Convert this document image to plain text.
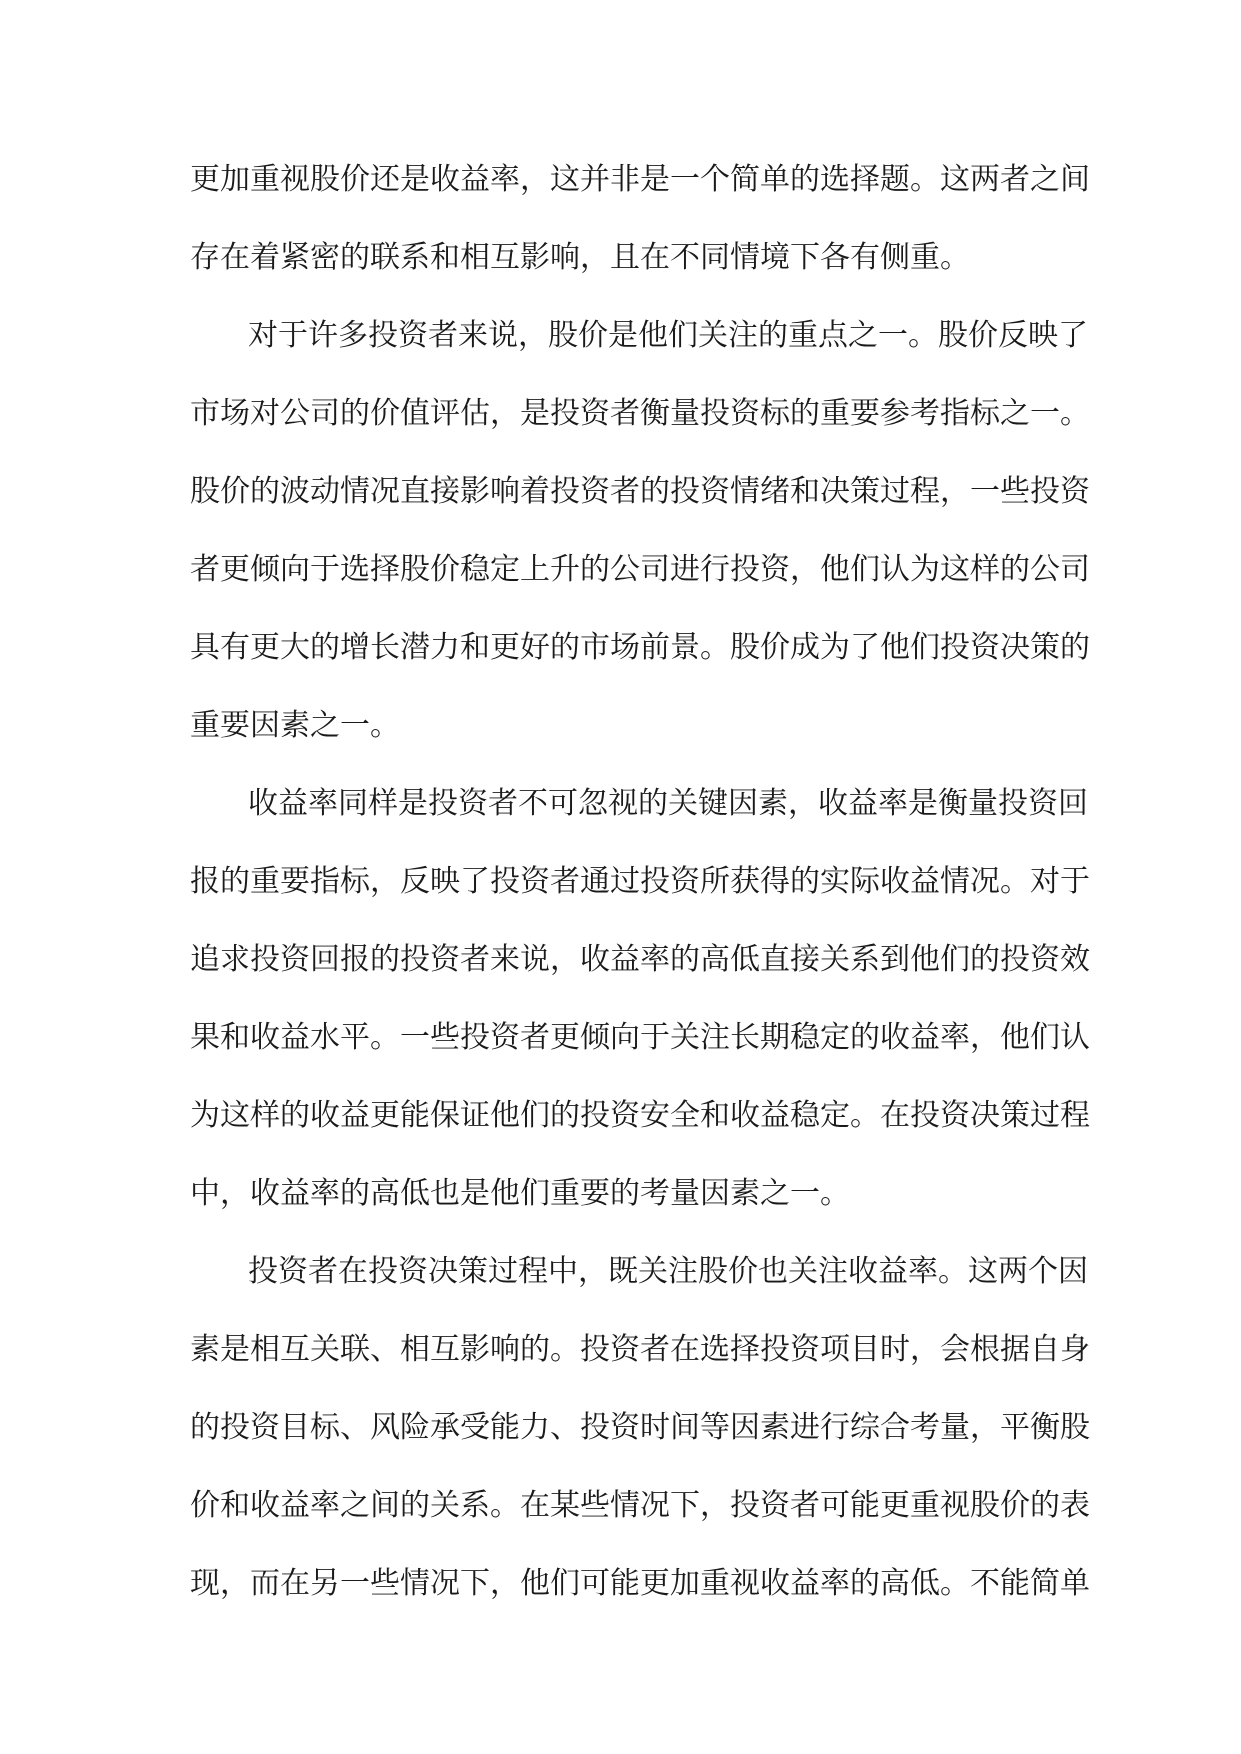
更加重视股价还是收益率，这并非是一个简单的选择题。这两者之间
存在着紧密的联系和相互影响，且在不同情境下各有侧重。
对于许多投资者来说，股价是他们关注的重点之一。股价反映了
市场对公司的价值评估，是投资者衡量投资标的重要参考指标之一。
股价的波动情况直接影响着投资者的投资情绪和决策过程，一些投资
者更倾向于选择股价稳定上升的公司进行投资，他们认为这样的公司
具有更大的增长潜力和更好的市场前景。股价成为了他们投资决策的
重要因素之一。
收益率同样是投资者不可忽视的关键因素，收益率是衡量投资回
报的重要指标，反映了投资者通过投资所获得的实际收益情况。对于
追求投资回报的投资者来说，收益率的高低直接关系到他们的投资效
果和收益水平。一些投资者更倾向于关注长期稳定的收益率，他们认
为这样的收益更能保证他们的投资安全和收益稳定。在投资决策过程
中，收益率的高低也是他们重要的考量因素之一。
投资者在投资决策过程中，既关注股价也关注收益率。这两个因
素是相互关联、相互影响的。投资者在选择投资项目时，会根据自身
的投资目标、风险承受能力、投资时间等因素进行综合考量，平衡股
价和收益率之间的关系。在某些情况下，投资者可能更重视股价的表
现，而在另一些情况下，他们可能更加重视收益率的高低。不能简单
